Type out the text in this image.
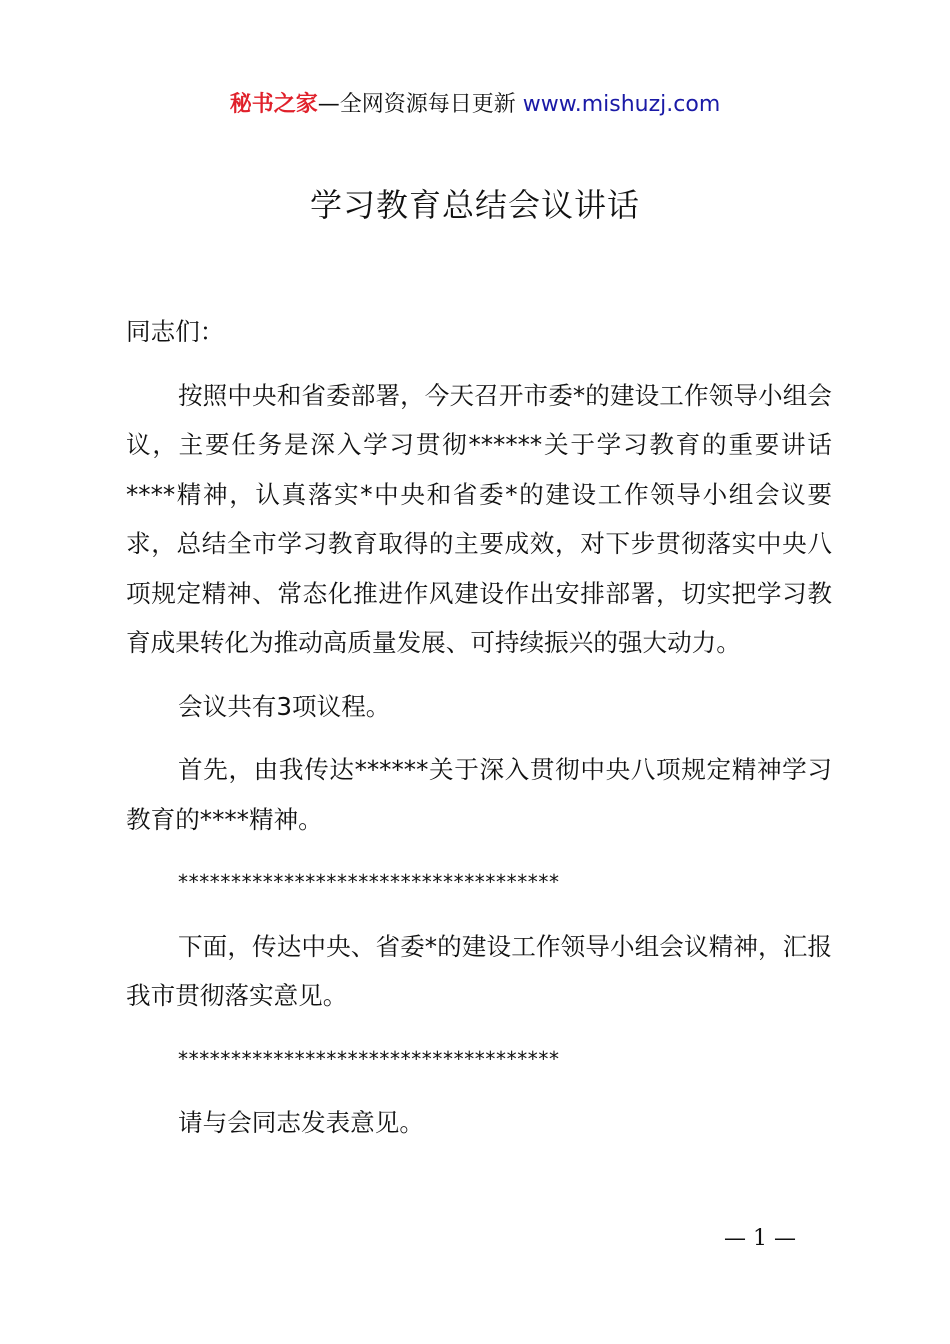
秘书之家—全网资源每日更新 www.mishuzj.com
学习教育总结会议讲话

同志们：

按照中央和省委部署，今天召开市委*的建设工作领导小组会议，主要任务是深入学习贯彻******关于学习教育的重要讲话****精神，认真落实*中央和省委*的建设工作领导小组会议要求，总结全市学习教育取得的主要成效，对下步贯彻落实中央八项规定精神、常态化推进作风建设作出安排部署，切实把学习教育成果转化为推动高质量发展、可持续振兴的强大动力。

会议共有3项议程。

首先，由我传达******关于深入贯彻中央八项规定精神学习教育的****精神。

************************************

下面，传达中央、省委*的建设工作领导小组会议精神，汇报我市贯彻落实意见。

************************************

请与会同志发表意见。

— 1 —
